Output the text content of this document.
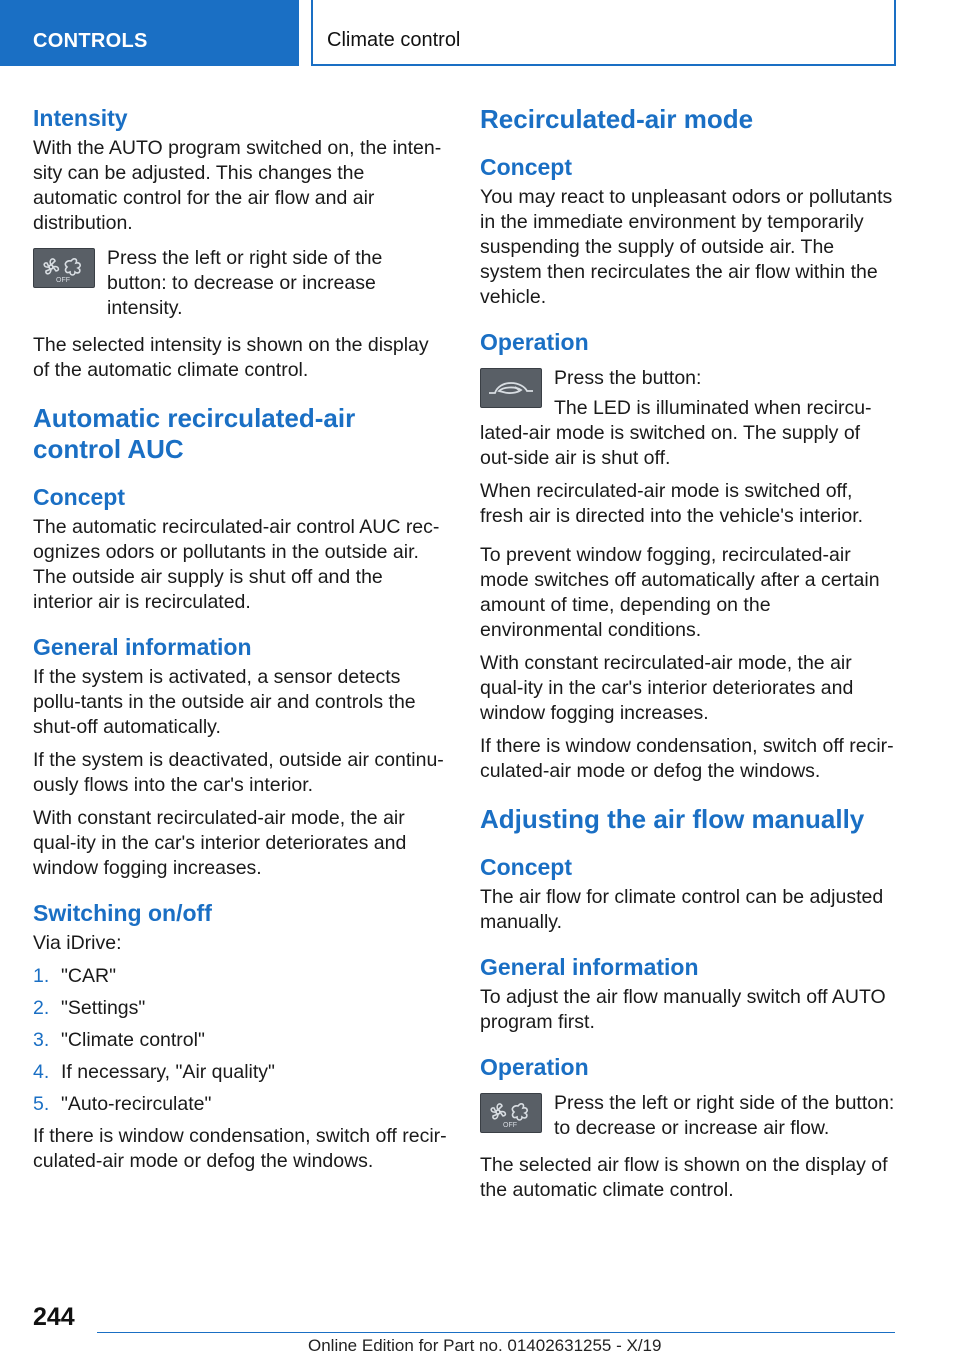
CONTROLS	Climate control
Intensity

With the AUTO program switched on, the inten-sity can be adjusted. This changes the automatic control for the air flow and air distribution.

OFF

Press the left or right side of the button: to decrease or increase intensity.

The selected intensity is shown on the display of the automatic climate control.

Automatic recirculated-air control AUC
Concept

The automatic recirculated-air control AUC rec-ognizes odors or pollutants in the outside air. The outside air supply is shut off and the interior air is recirculated.

General information

If the system is activated, a sensor detects pollu-tants in the outside air and controls the shut-off automatically.

If the system is deactivated, outside air continu-ously flows into the car's interior.

With constant recirculated-air mode, the air qual-ity in the car's interior deteriorates and window fogging increases.

Switching on/off

Via iDrive:

1. "CAR"
2. "Settings"
3. "Climate control"
4. If necessary, "Air quality"
5. "Auto-recirculate"

If there is window condensation, switch off recir-culated-air mode or defog the windows.

Recirculated-air mode
Concept

You may react to unpleasant odors or pollutants in the immediate environment by temporarily suspending the supply of outside air. The system then recirculates the air flow within the vehicle.

Operation

Press the button:

The LED is illuminated when recircu-lated-air mode is switched on. The supply of out-side air is shut off.

When recirculated-air mode is switched off, fresh air is directed into the vehicle's interior.

To prevent window fogging, recirculated-air mode switches off automatically after a certain amount of time, depending on the environmental conditions.

With constant recirculated-air mode, the air qual-ity in the car's interior deteriorates and window fogging increases.

If there is window condensation, switch off recir-culated-air mode or defog the windows.

Adjusting the air flow manually
Concept

The air flow for climate control can be adjusted manually.

General information

To adjust the air flow manually switch off AUTO program first.

Operation
OFF

Press the left or right side of the button: to decrease or increase air flow.

The selected air flow is shown on the display of the automatic climate control.

244
Online Edition for Part no. 01402631255 - X/19
